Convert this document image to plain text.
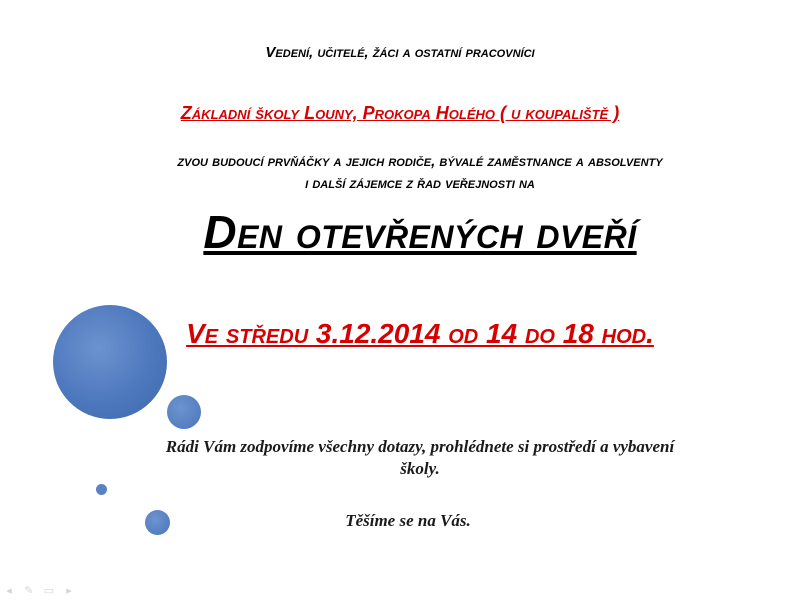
Vedení, učitelé, žáci a ostatní pracovníci
Základní školy Louny, Prokopa Holého ( u koupaliště )
zvou budoucí prvňáčky a jejich rodiče, bývalé zaměstnance a absolventy
i další zájemce z řad veřejnosti na
Den otevřených dveří
Ve středu 3.12.2014 od 14 do 18 hod.
Rádi Vám zodpovíme všechny dotazy, prohlédnete si prostředí a vybavení školy.
Těšíme se na Vás.
◂	✎ ▭	▸
